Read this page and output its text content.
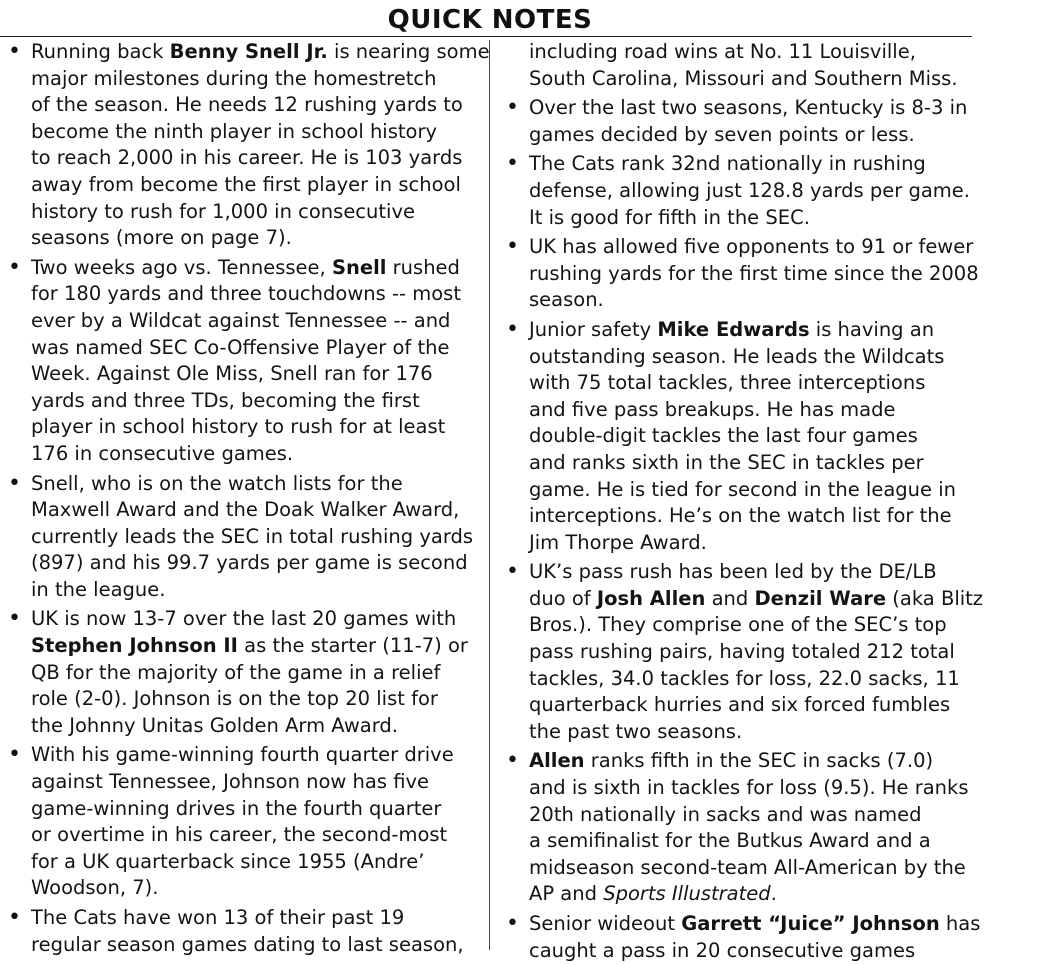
QUICK NOTES
• Running back Benny Snell Jr. is nearing some
major milestones during the homestretch
of the season. He needs 12 rushing yards to
become the ninth player in school history
to reach 2,000 in his career. He is 103 yards
away from become the first player in school
history to rush for 1,000 in consecutive
seasons (more on page 7).
• Two weeks ago vs. Tennessee, Snell rushed
for 180 yards and three touchdowns -- most
ever by a Wildcat against Tennessee -- and
was named SEC Co-Offensive Player of the
Week. Against Ole Miss, Snell ran for 176
yards and three TDs, becoming the first
player in school history to rush for at least
176 in consecutive games.
• Snell, who is on the watch lists for the
Maxwell Award and the Doak Walker Award,
currently leads the SEC in total rushing yards
(897) and his 99.7 yards per game is second
in the league.
• UK is now 13-7 over the last 20 games with
Stephen Johnson II as the starter (11-7) or
QB for the majority of the game in a relief
role (2-0). Johnson is on the top 20 list for
the Johnny Unitas Golden Arm Award.
• With his game-winning fourth quarter drive
against Tennessee, Johnson now has five
game-winning drives in the fourth quarter
or overtime in his career, the second-most
for a UK quarterback since 1955 (Andre’
Woodson, 7).
• The Cats have won 13 of their past 19
regular season games dating to last season,
including road wins at No. 11 Louisville,
South Carolina, Missouri and Southern Miss.
• Over the last two seasons, Kentucky is 8-3 in
games decided by seven points or less.
• The Cats rank 32nd nationally in rushing
defense, allowing just 128.8 yards per game.
It is good for fifth in the SEC.
• UK has allowed five opponents to 91 or fewer
rushing yards for the first time since the 2008
season.
• Junior safety Mike Edwards is having an
outstanding season. He leads the Wildcats
with 75 total tackles, three interceptions
and five pass breakups. He has made
double-digit tackles the last four games
and ranks sixth in the SEC in tackles per
game. He is tied for second in the league in
interceptions. He’s on the watch list for the
Jim Thorpe Award.
• UK’s pass rush has been led by the DE/LB
duo of Josh Allen and Denzil Ware (aka Blitz
Bros.). They comprise one of the SEC’s top
pass rushing pairs, having totaled 212 total
tackles, 34.0 tackles for loss, 22.0 sacks, 11
quarterback hurries and six forced fumbles
the past two seasons.
• Allen ranks fifth in the SEC in sacks (7.0)
and is sixth in tackles for loss (9.5). He ranks
20th nationally in sacks and was named
a semifinalist for the Butkus Award and a
midseason second-team All-American by the
AP and Sports Illustrated.
• Senior wideout Garrett “Juice” Johnson has
caught a pass in 20 consecutive games
